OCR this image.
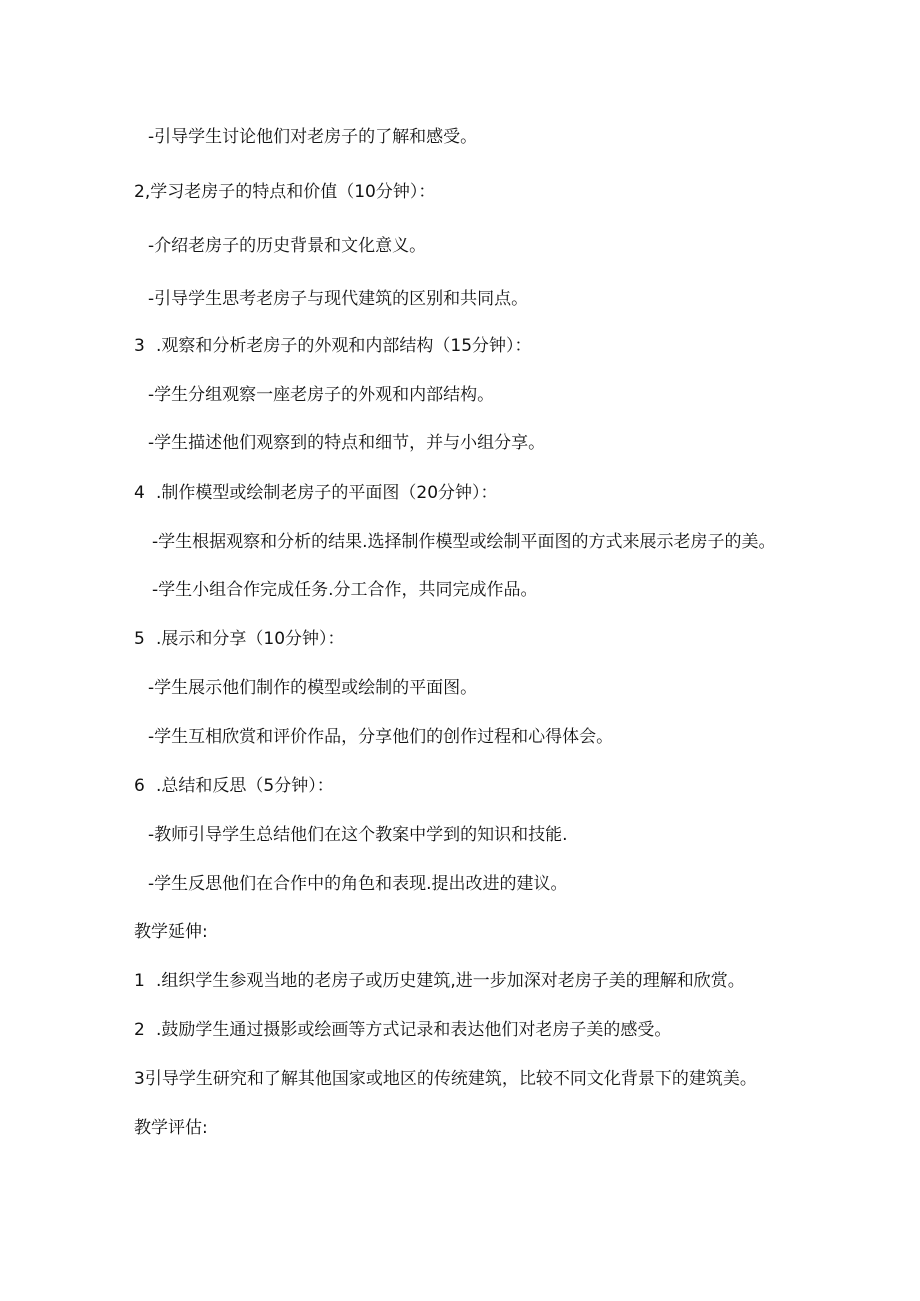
-引导学生讨论他们对老房子的了解和感受。
2,学习老房子的特点和价值（10分钟）：
-介绍老房子的历史背景和文化意义。
-引导学生思考老房子与现代建筑的区别和共同点。
3 .观察和分析老房子的外观和内部结构（15分钟）：
-学生分组观察一座老房子的外观和内部结构。
-学生描述他们观察到的特点和细节，并与小组分享。
4 .制作模型或绘制老房子的平面图（20分钟）：
-学生根据观察和分析的结果.选择制作模型或绘制平面图的方式来展示老房子的美。
-学生小组合作完成任务.分工合作，共同完成作品。
5 .展示和分享（10分钟）：
-学生展示他们制作的模型或绘制的平面图。
-学生互相欣赏和评价作品，分享他们的创作过程和心得体会。
6 .总结和反思（5分钟）：
-教师引导学生总结他们在这个教案中学到的知识和技能.
-学生反思他们在合作中的角色和表现.提出改进的建议。
教学延伸:
1 .组织学生参观当地的老房子或历史建筑,进一步加深对老房子美的理解和欣赏。
2 .鼓励学生通过摄影或绘画等方式记录和表达他们对老房子美的感受。
3引导学生研究和了解其他国家或地区的传统建筑，比较不同文化背景下的建筑美。
教学评估:
